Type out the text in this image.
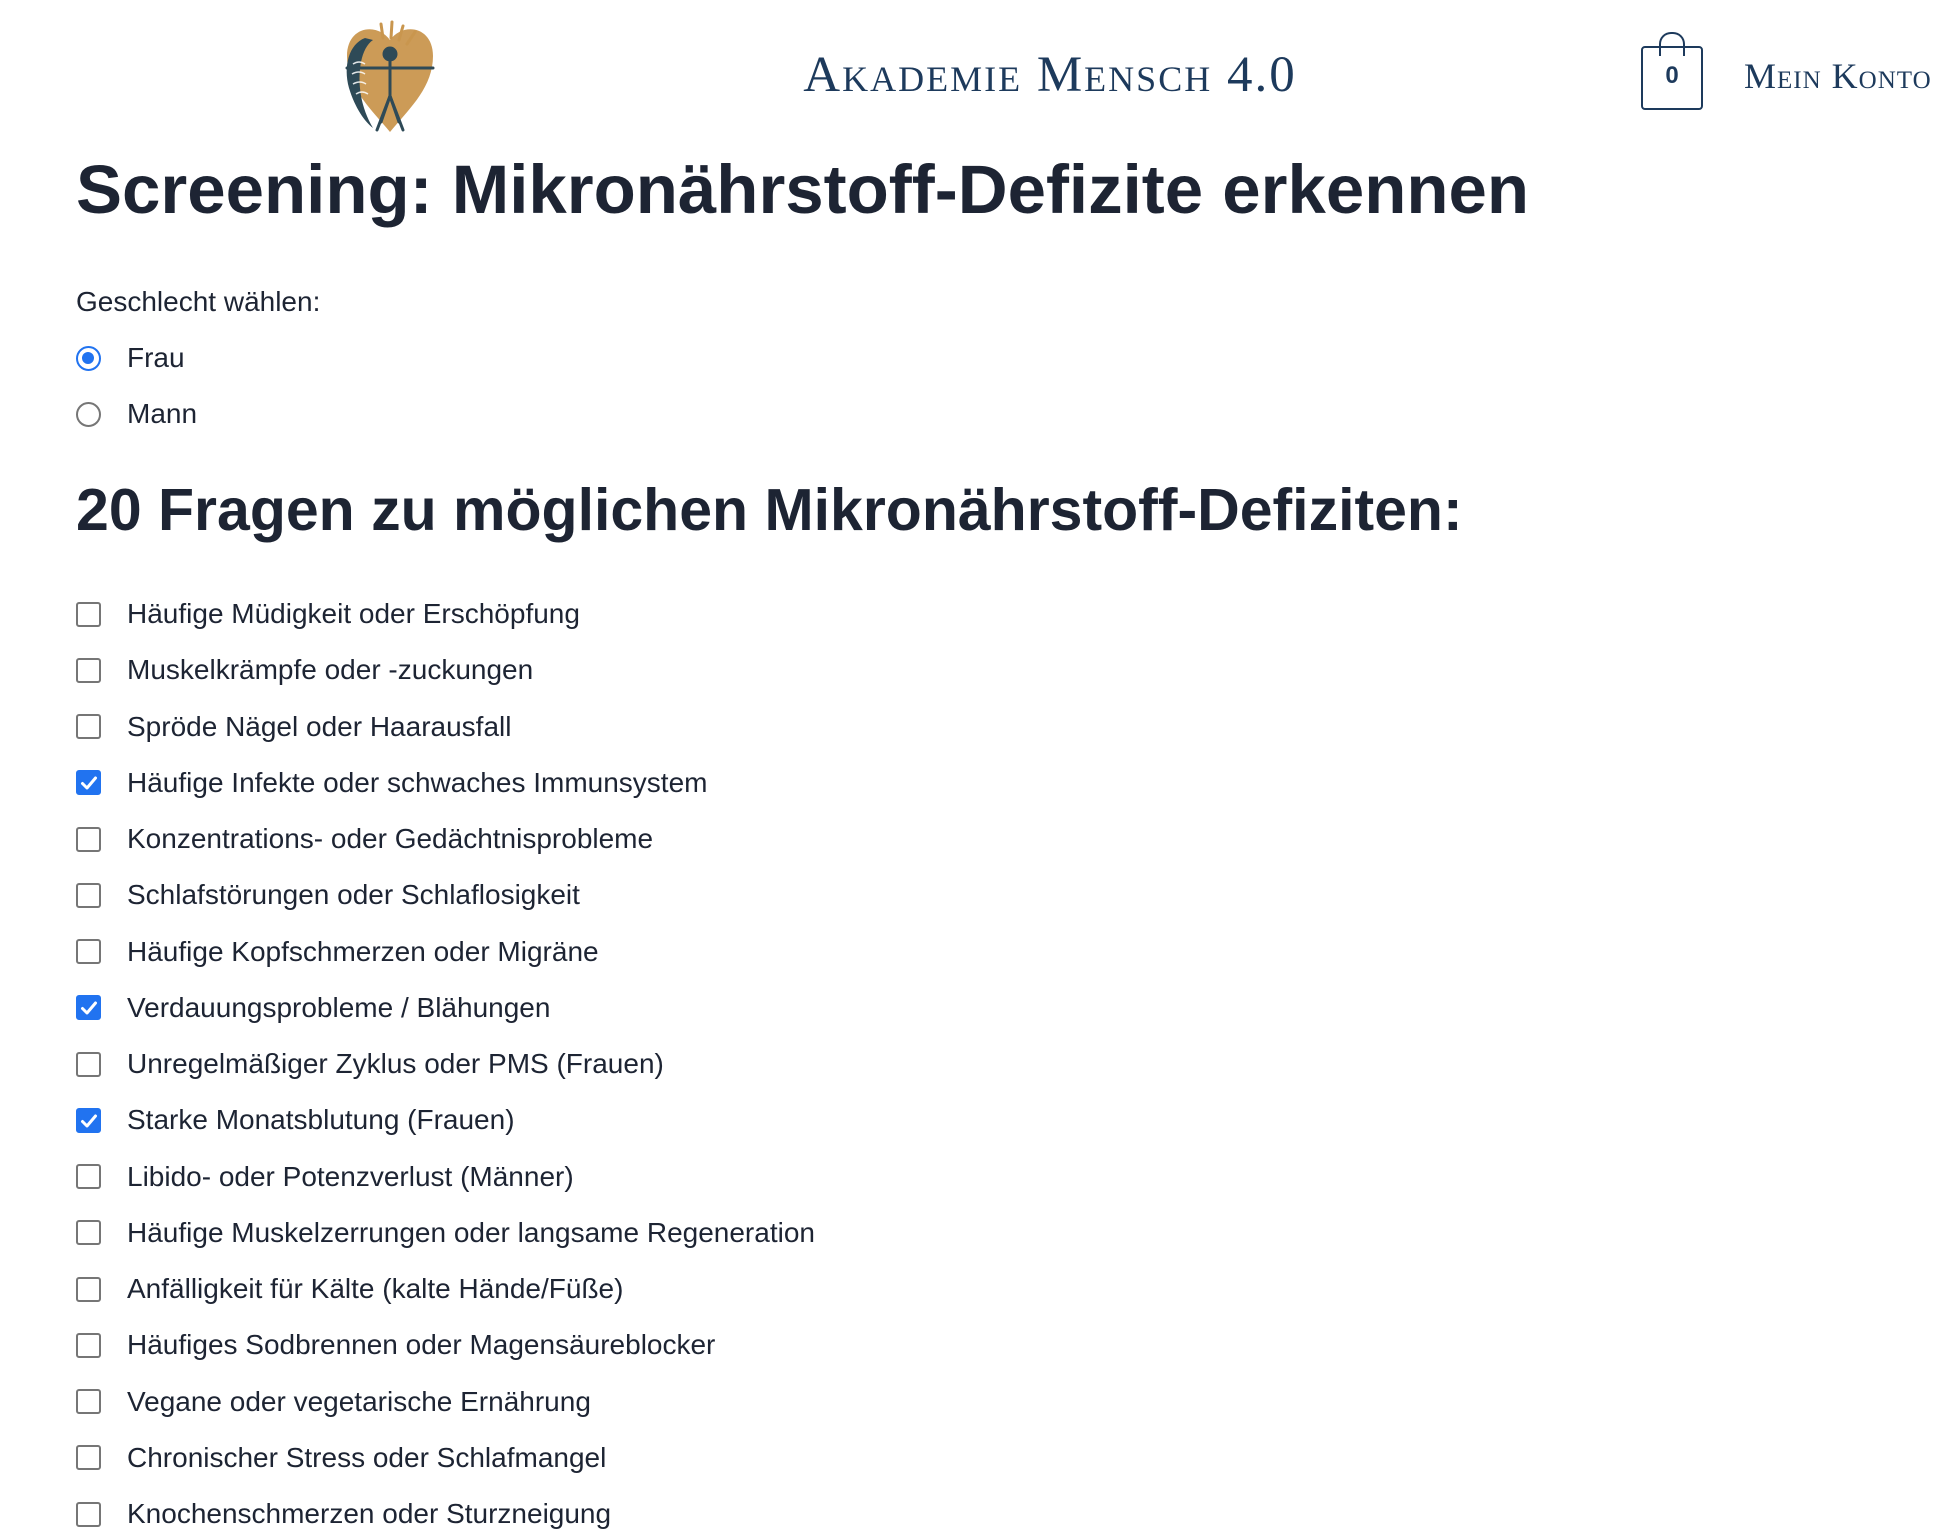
Akademie Mensch 4.0	0	Mein Konto
Screening: Mikronährstoff-Defizite erkennen
Geschlecht wählen:
Frau
Mann
20 Fragen zu möglichen Mikronährstoff-Defiziten:
Häufige Müdigkeit oder Erschöpfung
Muskelkrämpfe oder -zuckungen
Spröde Nägel oder Haarausfall
Häufige Infekte oder schwaches Immunsystem
Konzentrations- oder Gedächtnisprobleme
Schlafstörungen oder Schlaflosigkeit
Häufige Kopfschmerzen oder Migräne
Verdauungsprobleme / Blähungen
Unregelmäßiger Zyklus oder PMS (Frauen)
Starke Monatsblutung (Frauen)
Libido- oder Potenzverlust (Männer)
Häufige Muskelzerrungen oder langsame Regeneration
Anfälligkeit für Kälte (kalte Hände/Füße)
Häufiges Sodbrennen oder Magensäureblocker
Vegane oder vegetarische Ernährung
Chronischer Stress oder Schlafmangel
Knochenschmerzen oder Sturzneigung
